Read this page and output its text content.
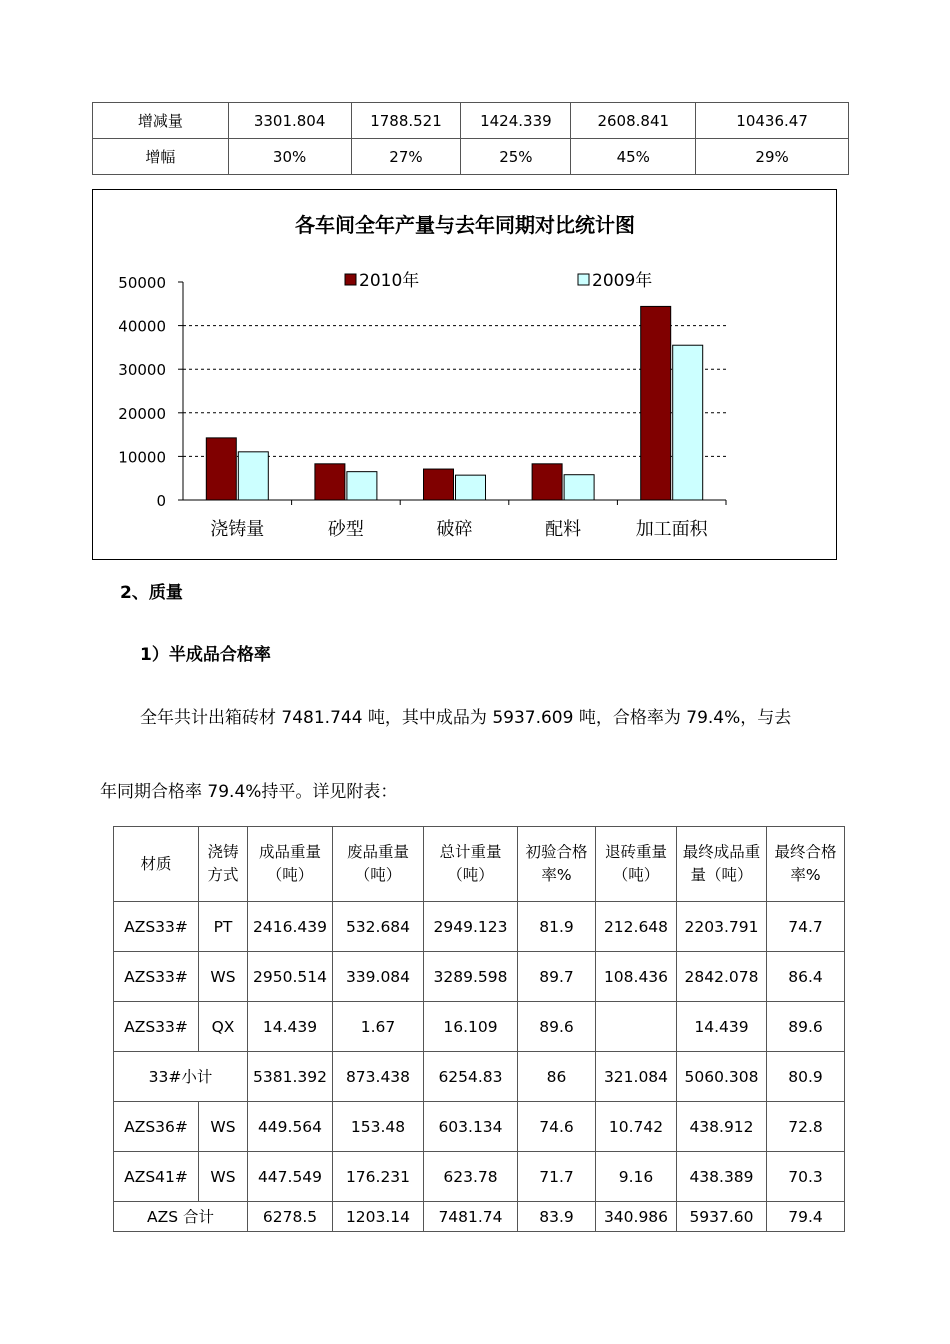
增减量	3301.804	1788.521	1424.339	2608.841	10436.47
增幅	30%	27%	25%	45%	29%
各车间全年产量与去年同期对比统计图
2010年	2009年
0
10000
20000
30000
40000
50000
浇铸量	砂型	破碎	配料	加工面积
2、质量
1）半成品合格率
全年共计出箱砖材 7481.744 吨，其中成品为 5937.609 吨，合格率为 79.4%，与去
年同期合格率 79.4%持平。详见附表：
材质	浇铸方式	成品重量（吨）	废品重量（吨）	总计重量（吨）	初验合格率%	退砖重量（吨）	最终成品重量（吨）	最终合格率%
AZS33#	PT	2416.439	532.684	2949.123	81.9	212.648	2203.791	74.7
AZS33#	WS	2950.514	339.084	3289.598	89.7	108.436	2842.078	86.4
AZS33#	QX	14.439	1.67	16.109	89.6		14.439	89.6
33#小计		5381.392	873.438	6254.83	86	321.084	5060.308	80.9
AZS36#	WS	449.564	153.48	603.134	74.6	10.742	438.912	72.8
AZS41#	WS	447.549	176.231	623.78	71.7	9.16	438.389	70.3
AZS 合计		6278.5	1203.14	7481.74	83.9	340.986	5937.60	79.4
